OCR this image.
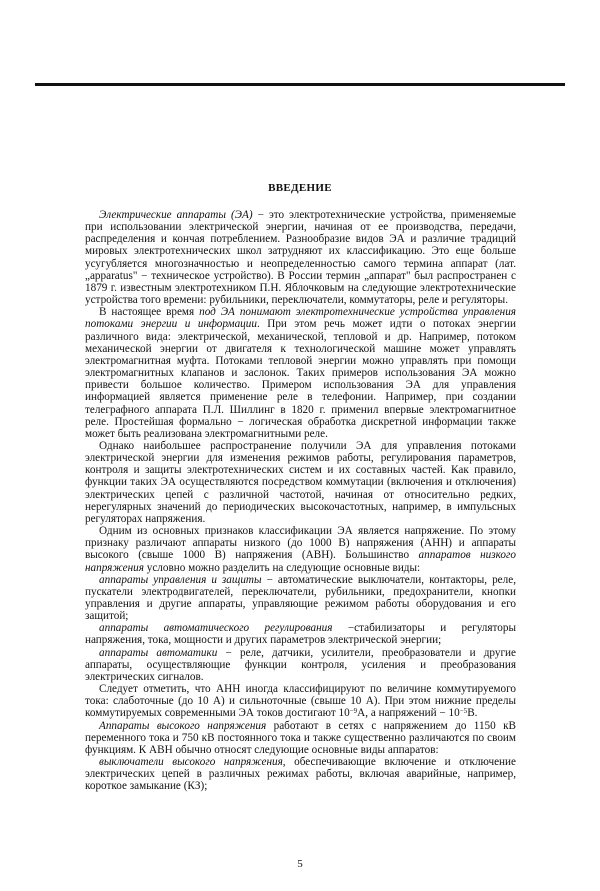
ВВЕДЕНИЕ

Электрические аппараты (ЭА) − это электротехнические устройства, применяемые при использовании электрической энергии, начиная от ее производства, передачи, распределения и кончая потреблением. Разнообразие видов ЭА и различие традиций мировых электротехнических школ затрудняют их классификацию. Это еще больше усугубляется многозначностью и неопределенностью самого термина аппарат (лат. „apparatus" − техническое устройство). В России термин „аппарат" был распространен с 1879 г. известным электротехником П.Н. Яблочковым на следующие электротехнические устройства того времени: рубильники, переключатели, коммутаторы, реле и регуляторы.

В настоящее время под ЭА понимают электротехнические устройства управления потоками энергии и информации. При этом речь может идти о потоках энергии различного вида: электрической, механической, тепловой и др. Например, потоком механической энергии от двигателя к технологической машине может управлять электромагнитная муфта. Потоками тепловой энергии можно управлять при помощи электромагнитных клапанов и заслонок. Таких примеров использования ЭА можно привести большое количество. Примером использования ЭА для управления информацией является применение реле в телефонии. Например, при создании телеграфного аппарата П.Л. Шиллинг в 1820 г. применил впервые электромагнитное реле. Простейшая формально − логическая обработка дискретной информации также может быть реализована электромагнитными реле.

Однако наибольшее распространение получили ЭА для управления потоками электрической энергии для изменения режимов работы, регулирования параметров, контроля и защиты электротехнических систем и их составных частей. Как правило, функции таких ЭА осуществляются посредством коммутации (включения и отключения) электрических цепей с различной частотой, начиная от относительно редких, нерегулярных значений до периодических высокочастотных, например, в импульсных регуляторах напряжения.

Одним из основных признаков классификации ЭА является напряжение. По этому признаку различают аппараты низкого (до 1000 В) напряжения (АНН) и аппараты высокого (свыше 1000 В) напряжения (АВН). Большинство аппаратов низкого напряжения условно можно разделить на следующие основные виды:

аппараты управления и защиты − автоматические выключатели, контакторы, реле, пускатели электродвигателей, переключатели, рубильники, предохранители, кнопки управления и другие аппараты, управляющие режимом работы оборудования и его защитой;

аппараты автоматического регулирования −стабилизаторы и регуляторы напряжения, тока, мощности и других параметров электрической энергии;

аппараты автоматики − реле, датчики, усилители, преобразователи и другие аппараты, осуществляющие функции контроля, усиления и преобразования электрических сигналов.

Следует отметить, что АНН иногда классифицируют по величине коммутируемого тока: слаботочные (до 10 А) и сильноточные (свыше 10 А). При этом нижние пределы коммутируемых современными ЭА токов достигают $10^{-9}А$, а напряжений − $10^{-5}В$.

Аппараты высокого напряжения работают в сетях с напряжением до 1150 кВ переменного тока и 750 кВ постоянного тока и также существенно различаются по своим функциям. К АВН обычно относят следующие основные виды аппаратов:

выключатели высокого напряжения, обеспечивающие включение и отключение электрических цепей в различных режимах работы, включая аварийные, например, короткое замыкание (КЗ);

5
